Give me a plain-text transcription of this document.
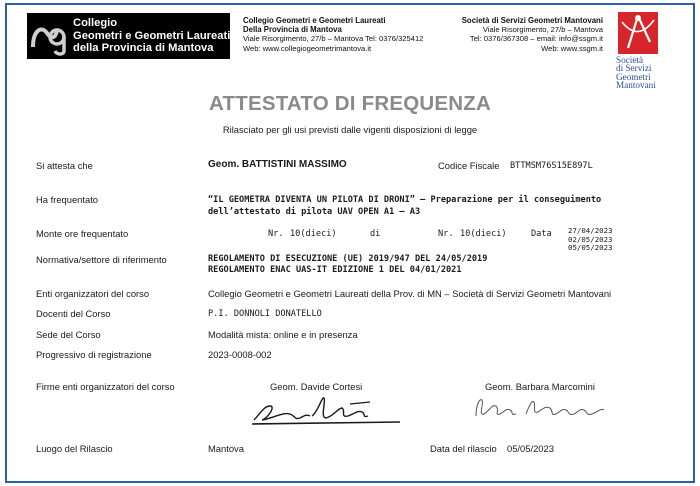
Collegio
Geometri e Geometri Laureati
della Provincia di Mantova
Collegio Geometri e Geometri Laureati
Della Provincia di Mantova
Viale Risorgimento, 27/b – Mantova Tel: 0376/325412
Web: www.collegiogeometrimantova.it
Società di Servizi Geometri Mantovani
Viale Risorgimento, 27/b – Mantova
Tel: 0376/367308 – email: info@ssgm.it
Web: www.ssgm.it
Società
di Servizi
Geometri
Mantovani
ATTESTATO DI FREQUENZA
Rilasciato per gli usi previsti dalle vigenti disposizioni di legge
Si attesta che	Geom. BATTISTINI MASSIMO	Codice Fiscale BTTMSM76S15E897L
Ha frequentato	“IL GEOMETRA DIVENTA UN PILOTA DI DRONI” – Preparazione per il conseguimento
dell’attestato di pilota UAV OPEN A1 – A3
Monte ore frequentato	Nr. 10(dieci)	di	Nr. 10(dieci)	Data 27/04/2023
02/05/2023
05/05/2023
Normativa/settore di riferimento	REGOLAMENTO DI ESECUZIONE (UE) 2019/947 DEL 24/05/2019
REGOLAMENTO ENAC UAS-IT EDIZIONE 1 DEL 04/01/2021
Enti organizzatori del corso	Collegio Geometri e Geometri Laureati della Prov. di MN – Società di Servizi Geometri Mantovani
Docenti del Corso	P.I. DONNOLI DONATELLO
Sede del Corso	Modalità mista: online e in presenza
Progressivo di registrazione	2023-0008-002
Firme enti organizzatori del corso	Geom. Davide Cortesi	Geom. Barbara Marcomini
Luogo del Rilascio	Mantova	Data del rilascio 05/05/2023
